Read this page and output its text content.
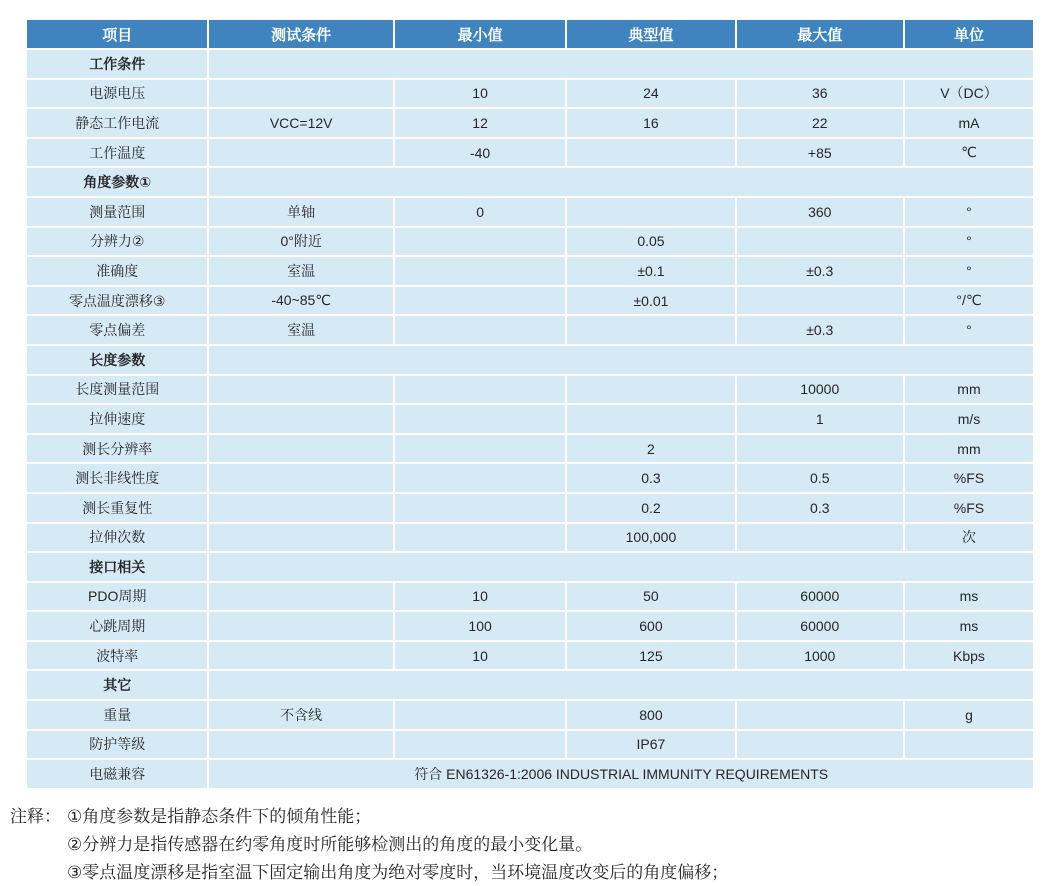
项目	测试条件	最小值	典型值	最大值	单位
工作条件					
电源电压		10	24	36	V（DC）
静态工作电流	VCC=12V	12	16	22	mA
工作温度		-40		+85	℃
角度参数①					
测量范围	单轴	0		360	°
分辨力②	0°附近		0.05		°
准确度	室温		±0.1	±0.3	°
零点温度漂移③	-40~85℃		±0.01		°/℃
零点偏差	室温			±0.3	°
长度参数					
长度测量范围				10000	mm
拉伸速度				1	m/s
测长分辨率			2		mm
测长非线性度			0.3	0.5	%FS
测长重复性			0.2	0.3	%FS
拉伸次数			100,000		次
接口相关					
PDO周期		10	50	60000	ms
心跳周期		100	600	60000	ms
波特率		10	125	1000	Kbps
其它					
重量	不含线		800		g
防护等级			IP67		
电磁兼容	符合 EN61326-1:2006 INDUSTRIAL IMMUNITY REQUIREMENTS				
注释： ①角度参数是指静态条件下的倾角性能；
②分辨力是指传感器在约零角度时所能够检测出的角度的最小变化量。
③零点温度漂移是指室温下固定输出角度为绝对零度时，当环境温度改变后的角度偏移；
